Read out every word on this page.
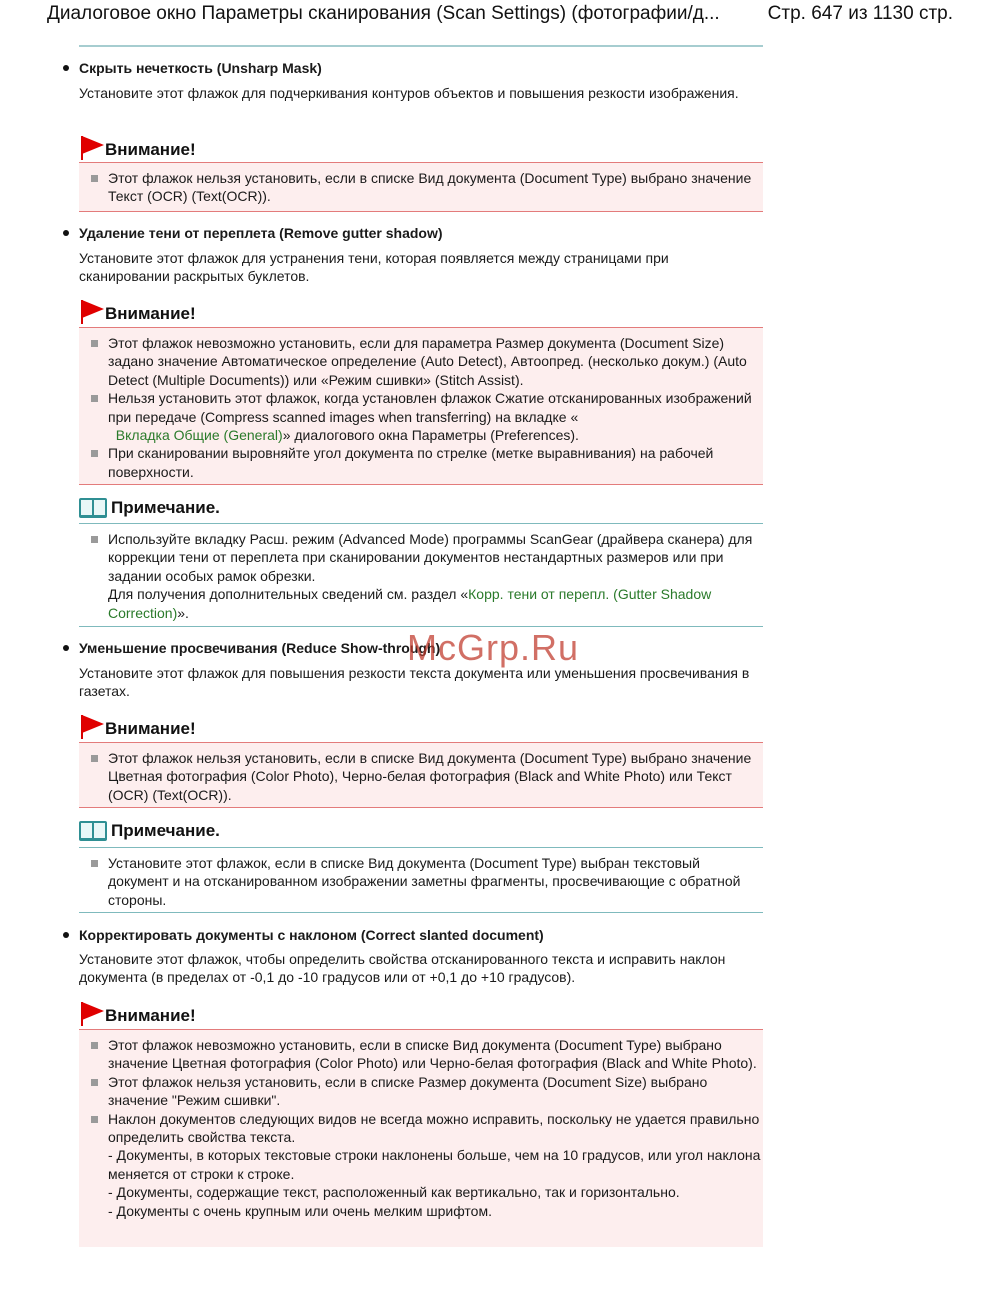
Диалоговое окно Параметры сканирования (Scan Settings) (фотографии/д...	Стр. 647 из 1130 стр.
Скрыть нечеткость (Unsharp Mask)
Установите этот флажок для подчеркивания контуров объектов и повышения резкости изображения.
Внимание!
Этот флажок нельзя установить, если в списке Вид документа (Document Type) выбрано значение Текст (OCR) (Text(OCR)).
Удаление тени от переплета (Remove gutter shadow)
Установите этот флажок для устранения тени, которая появляется между страницами при сканировании раскрытых буклетов.
Внимание!
Этот флажок невозможно установить, если для параметра Размер документа (Document Size) задано значение Автоматическое определение (Auto Detect), Автоопред. (несколько докум.) (Auto Detect (Multiple Documents)) или «Режим сшивки» (Stitch Assist).
Нельзя установить этот флажок, когда установлен флажок Сжатие отсканированных изображений при передаче (Compress scanned images when transferring) на вкладке «
Вкладка Общие (General)» диалогового окна Параметры (Preferences).
При сканировании выровняйте угол документа по стрелке (метке выравнивания) на рабочей поверхности.
Примечание.
Используйте вкладку Расш. режим (Advanced Mode) программы ScanGear (драйвера сканера) для коррекции тени от переплета при сканировании документов нестандартных размеров или при задании особых рамок обрезки.
Для получения дополнительных сведений см. раздел «Корр. тени от перепл. (Gutter Shadow Correction)».
Уменьшение просвечивания (Reduce Show-through)
Установите этот флажок для повышения резкости текста документа или уменьшения просвечивания в газетах.
Внимание!
Этот флажок нельзя установить, если в списке Вид документа (Document Type) выбрано значение Цветная фотография (Color Photo), Черно-белая фотография (Black and White Photo) или Текст (OCR) (Text(OCR)).
Примечание.
Установите этот флажок, если в списке Вид документа (Document Type) выбран текстовый документ и на отсканированном изображении заметны фрагменты, просвечивающие с обратной стороны.
Корректировать документы с наклоном (Correct slanted document)
Установите этот флажок, чтобы определить свойства отсканированного текста и исправить наклон документа (в пределах от -0,1 до -10 градусов или от +0,1 до +10 градусов).
Внимание!
Этот флажок невозможно установить, если в списке Вид документа (Document Type) выбрано значение Цветная фотография (Color Photo) или Черно-белая фотография (Black and White Photo).
Этот флажок нельзя установить, если в списке Размер документа (Document Size) выбрано значение "Режим сшивки".
Наклон документов следующих видов не всегда можно исправить, поскольку не удается правильно определить свойства текста.
- Документы, в которых текстовые строки наклонены больше, чем на 10 градусов, или угол наклона меняется от строки к строке.
- Документы, содержащие текст, расположенный как вертикально, так и горизонтально.
- Документы с очень крупным или очень мелким шрифтом.
McGrp.Ru
